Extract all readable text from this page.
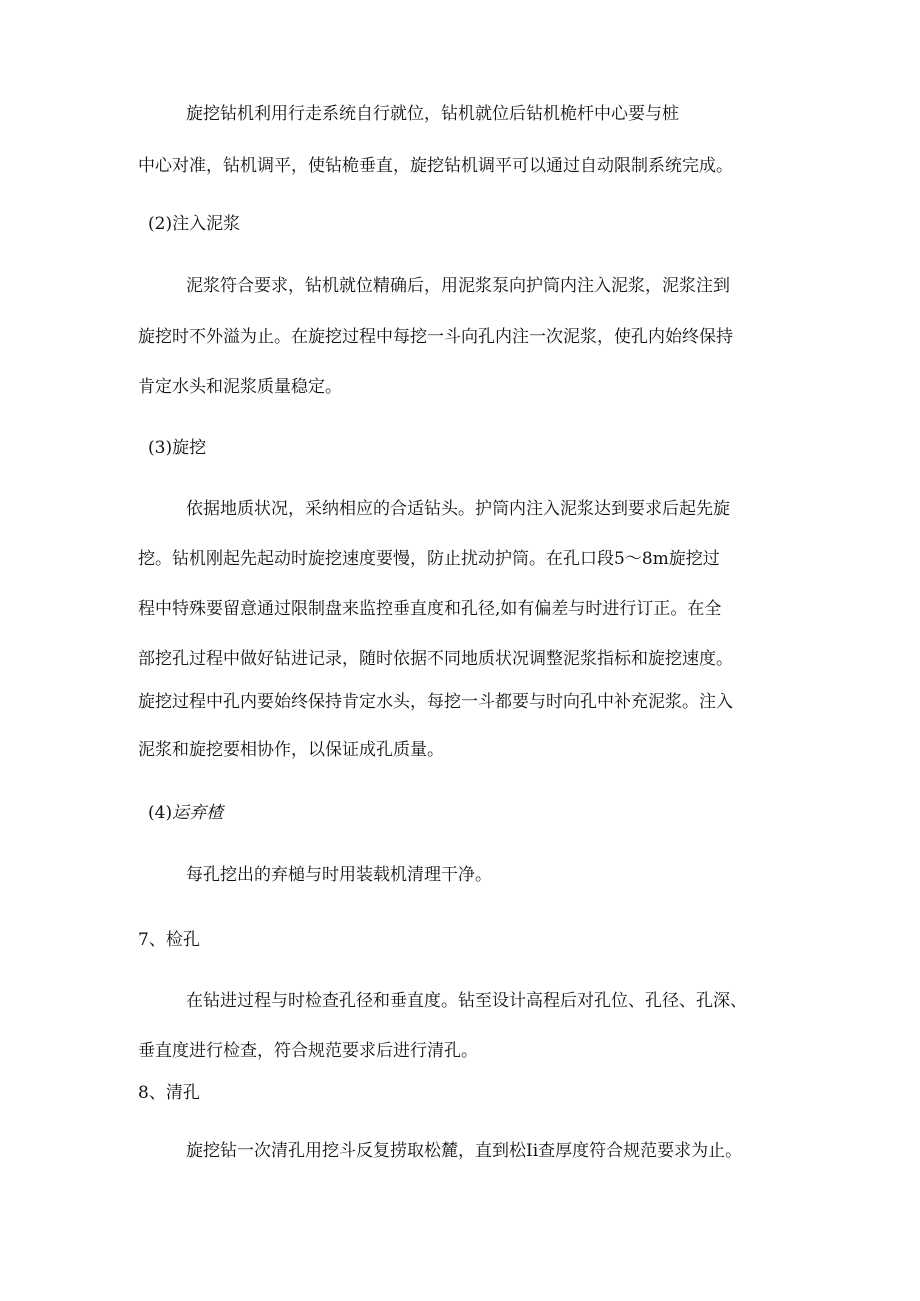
旋挖钻机利用行走系统自行就位，钻机就位后钻机桅杆中心要与桩
中心对准，钻机调平，使钻桅垂直，旋挖钻机调平可以通过自动限制系统完成。
(2)注入泥浆
泥浆符合要求，钻机就位精确后，用泥浆泵向护筒内注入泥浆，泥浆注到
旋挖时不外溢为止。在旋挖过程中每挖一斗向孔内注一次泥浆，使孔内始终保持
肯定水头和泥浆质量稳定。
(3)旋挖
依据地质状况，采纳相应的合适钻头。护筒内注入泥浆达到要求后起先旋
挖。钻机刚起先起动时旋挖速度要慢，防止扰动护筒。在孔口段5～8m旋挖过
程中特殊要留意通过限制盘来监控垂直度和孔径,如有偏差与时进行订正。在全
部挖孔过程中做好钻进记录，随时依据不同地质状况调整泥浆指标和旋挖速度。
旋挖过程中孔内要始终保持肯定水头，每挖一斗都要与时向孔中补充泥浆。注入
泥浆和旋挖要相协作，以保证成孔质量。
(4)运弃楂
每孔挖出的弃槌与时用装载机清理干净。
7、检孔
在钻进过程与时检查孔径和垂直度。钻至设计高程后对孔位、孔径、孔深、
垂直度进行检查，符合规范要求后进行清孔。
8、清孔
旋挖钻一次清孔用挖斗反复捞取松麓，直到松Ii查厚度符合规范要求为止。
